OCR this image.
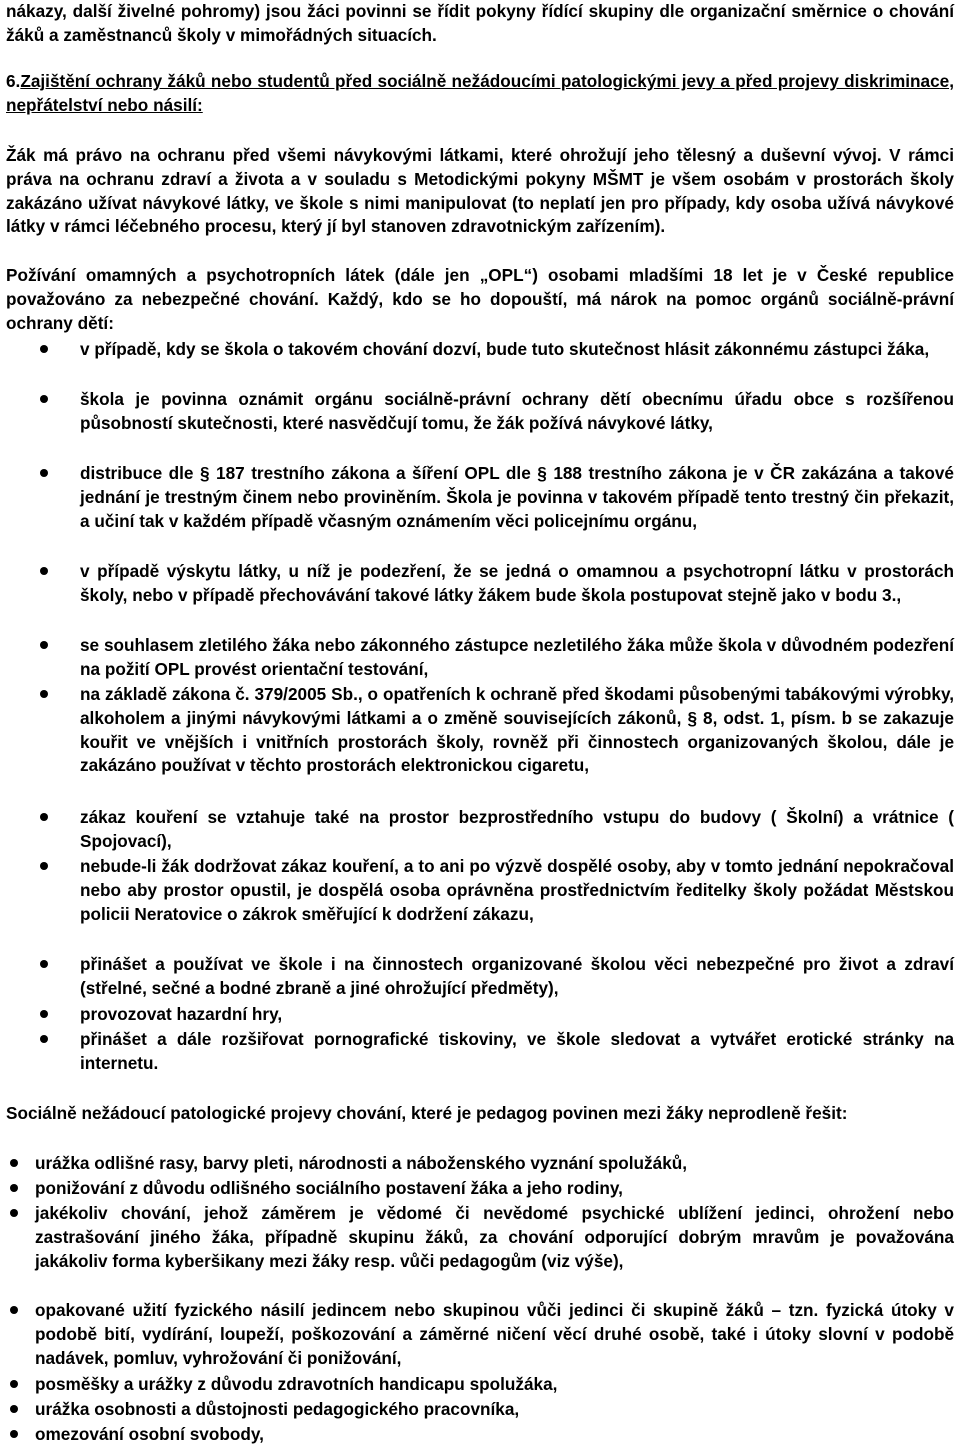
nákazy, další živelné pohromy) jsou žáci povinni se řídit pokyny řídící skupiny dle organizační směrnice o chování žáků a zaměstnanců školy v mimořádných situacích.

6.Zajištění ochrany žáků nebo studentů před sociálně nežádoucími patologickými jevy a před projevy diskriminace, nepřátelství nebo násilí:

Žák má právo na ochranu před všemi návykovými látkami, které ohrožují jeho tělesný a duševní vývoj. V rámci práva na ochranu zdraví a života a v souladu s Metodickými pokyny MŠMT je všem osobám v prostorách školy zakázáno užívat návykové látky, ve škole s nimi manipulovat (to neplatí jen pro případy, kdy osoba užívá návykové látky v rámci léčebného procesu, který jí byl stanoven zdravotnickým zařízením).

Požívání omamných a psychotropních látek (dále jen „OPL“) osobami mladšími 18 let je v České republice považováno za nebezpečné chování. Každý, kdo se ho dopouští, má nárok na pomoc orgánů sociálně-právní ochrany dětí:

v případě, kdy se škola o takovém chování dozví, bude tuto skutečnost hlásit zákonnému zástupci žáka,

škola je povinna oznámit orgánu sociálně-právní ochrany dětí obecnímu úřadu obce s rozšířenou působností skutečnosti, které nasvědčují tomu, že žák požívá návykové látky,

distribuce dle § 187 trestního zákona a šíření OPL dle § 188 trestního zákona je v ČR zakázána a takové jednání je trestným činem nebo proviněním. Škola je povinna v takovém případě tento trestný čin překazit, a učiní tak v každém případě včasným oznámením věci policejnímu orgánu,

v případě výskytu látky, u níž je podezření, že se jedná o omamnou a psychotropní látku v prostorách školy, nebo v případě přechovávání takové látky žákem bude škola postupovat stejně jako v bodu 3.,

se souhlasem zletilého žáka nebo zákonného zástupce nezletilého žáka může škola v důvodném podezření na požití OPL provést orientační testování,

na základě zákona č. 379/2005 Sb., o opatřeních k ochraně před škodami působenými tabákovými výrobky, alkoholem a jinými návykovými látkami a o změně souvisejících zákonů, § 8, odst. 1, písm. b se zakazuje kouřit ve vnějších i vnitřních prostorách školy, rovněž při činnostech organizovaných školou, dále je zakázáno používat v těchto prostorách elektronickou cigaretu,

zákaz kouření se vztahuje také na prostor bezprostředního vstupu do budovy ( Školní) a vrátnice ( Spojovací),

nebude-li žák dodržovat zákaz kouření, a to ani po výzvě dospělé osoby, aby v tomto jednání nepokračoval nebo aby prostor opustil, je dospělá osoba oprávněna prostřednictvím ředitelky školy požádat Městskou policii Neratovice o zákrok směřující k dodržení zákazu,

přinášet a používat ve škole i na činnostech organizované školou věci nebezpečné pro život a zdraví (střelné, sečné a bodné zbraně a jiné ohrožující předměty),

provozovat hazardní hry,

přinášet a dále rozšiřovat pornografické tiskoviny, ve škole sledovat a vytvářet erotické stránky na internetu.

Sociálně nežádoucí patologické projevy chování, které je pedagog povinen mezi žáky neprodleně řešit:

urážka odlišné rasy, barvy pleti, národnosti a náboženského vyznání spolužáků,

ponižování z důvodu odlišného sociálního postavení žáka a jeho rodiny,

jakékoliv chování, jehož záměrem je vědomé či nevědomé psychické ublížení jedinci, ohrožení nebo zastrašování jiného žáka, případně skupinu žáků, za chování odporující dobrým mravům je považována jakákoliv forma kyberšikany mezi žáky resp. vůči pedagogům (viz výše),

opakované užití fyzického násilí jedincem nebo skupinou vůči jedinci či skupině žáků – tzn. fyzická útoky v podobě bití, vydírání, loupeží, poškozování a záměrné ničení věcí druhé osobě, také i útoky slovní v podobě nadávek, pomluv, vyhrožování či ponižování,

posměšky a urážky z důvodu zdravotních handicapu spolužáka,

urážka osobnosti a důstojnosti pedagogického pracovníka,

omezování osobní svobody,
